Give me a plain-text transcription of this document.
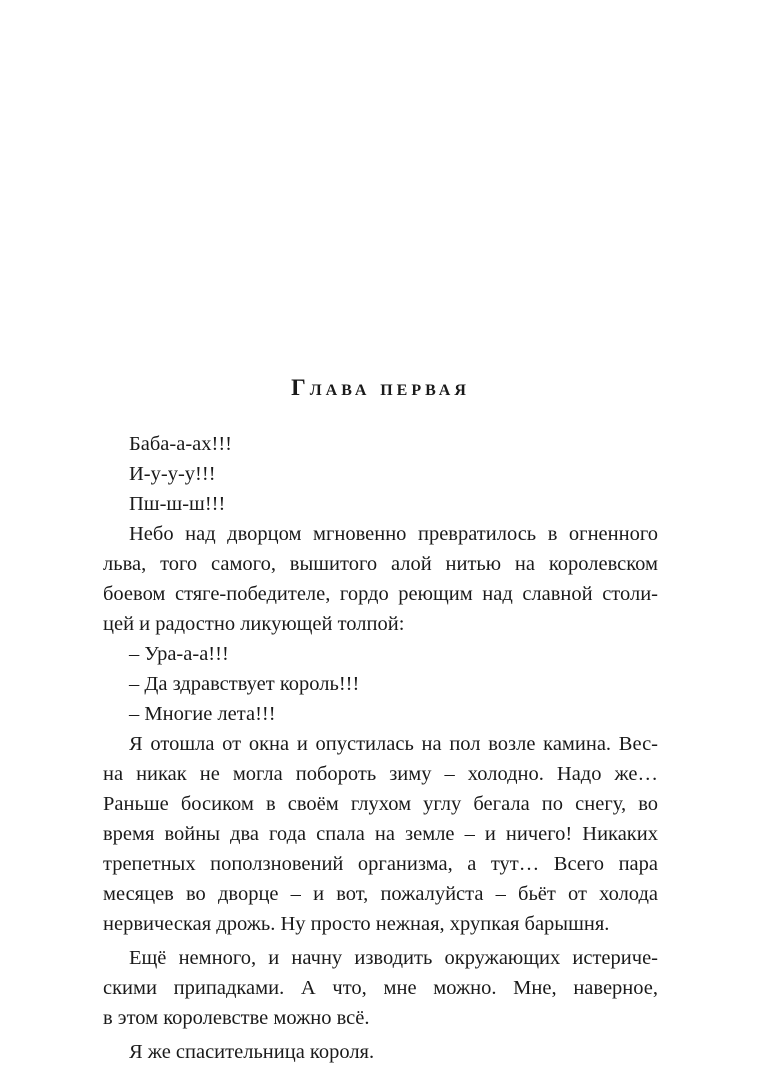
Глава первая

Баба-а-ах!!!

И-у-у-у!!!

Пш-ш-ш!!!

Небо над дворцом мгновенно превратилось в огненного

льва, того самого, вышитого алой нитью на королевском

боевом стяге-победителе, гордо реющим над славной столи-

цей и радостно ликующей толпой:

– Ура-а-а!!!

– Да здравствует король!!!

– Многие лета!!!

Я отошла от окна и опустилась на пол возле камина. Вес-

на никак не могла побороть зиму – холодно. Надо же…

Раньше босиком в своём глухом углу бегала по снегу, во

время войны два года спала на земле – и ничего! Никаких

трепетных поползновений организма, а тут… Всего пара

месяцев во дворце – и вот, пожалуйста – бьёт от холода

нервическая дрожь. Ну просто нежная, хрупкая барышня.

Ещё немного, и начну изводить окружающих истериче-

скими припадками. А что, мне можно. Мне, наверное,

в этом королевстве можно всё.

Я же спасительница короля.
